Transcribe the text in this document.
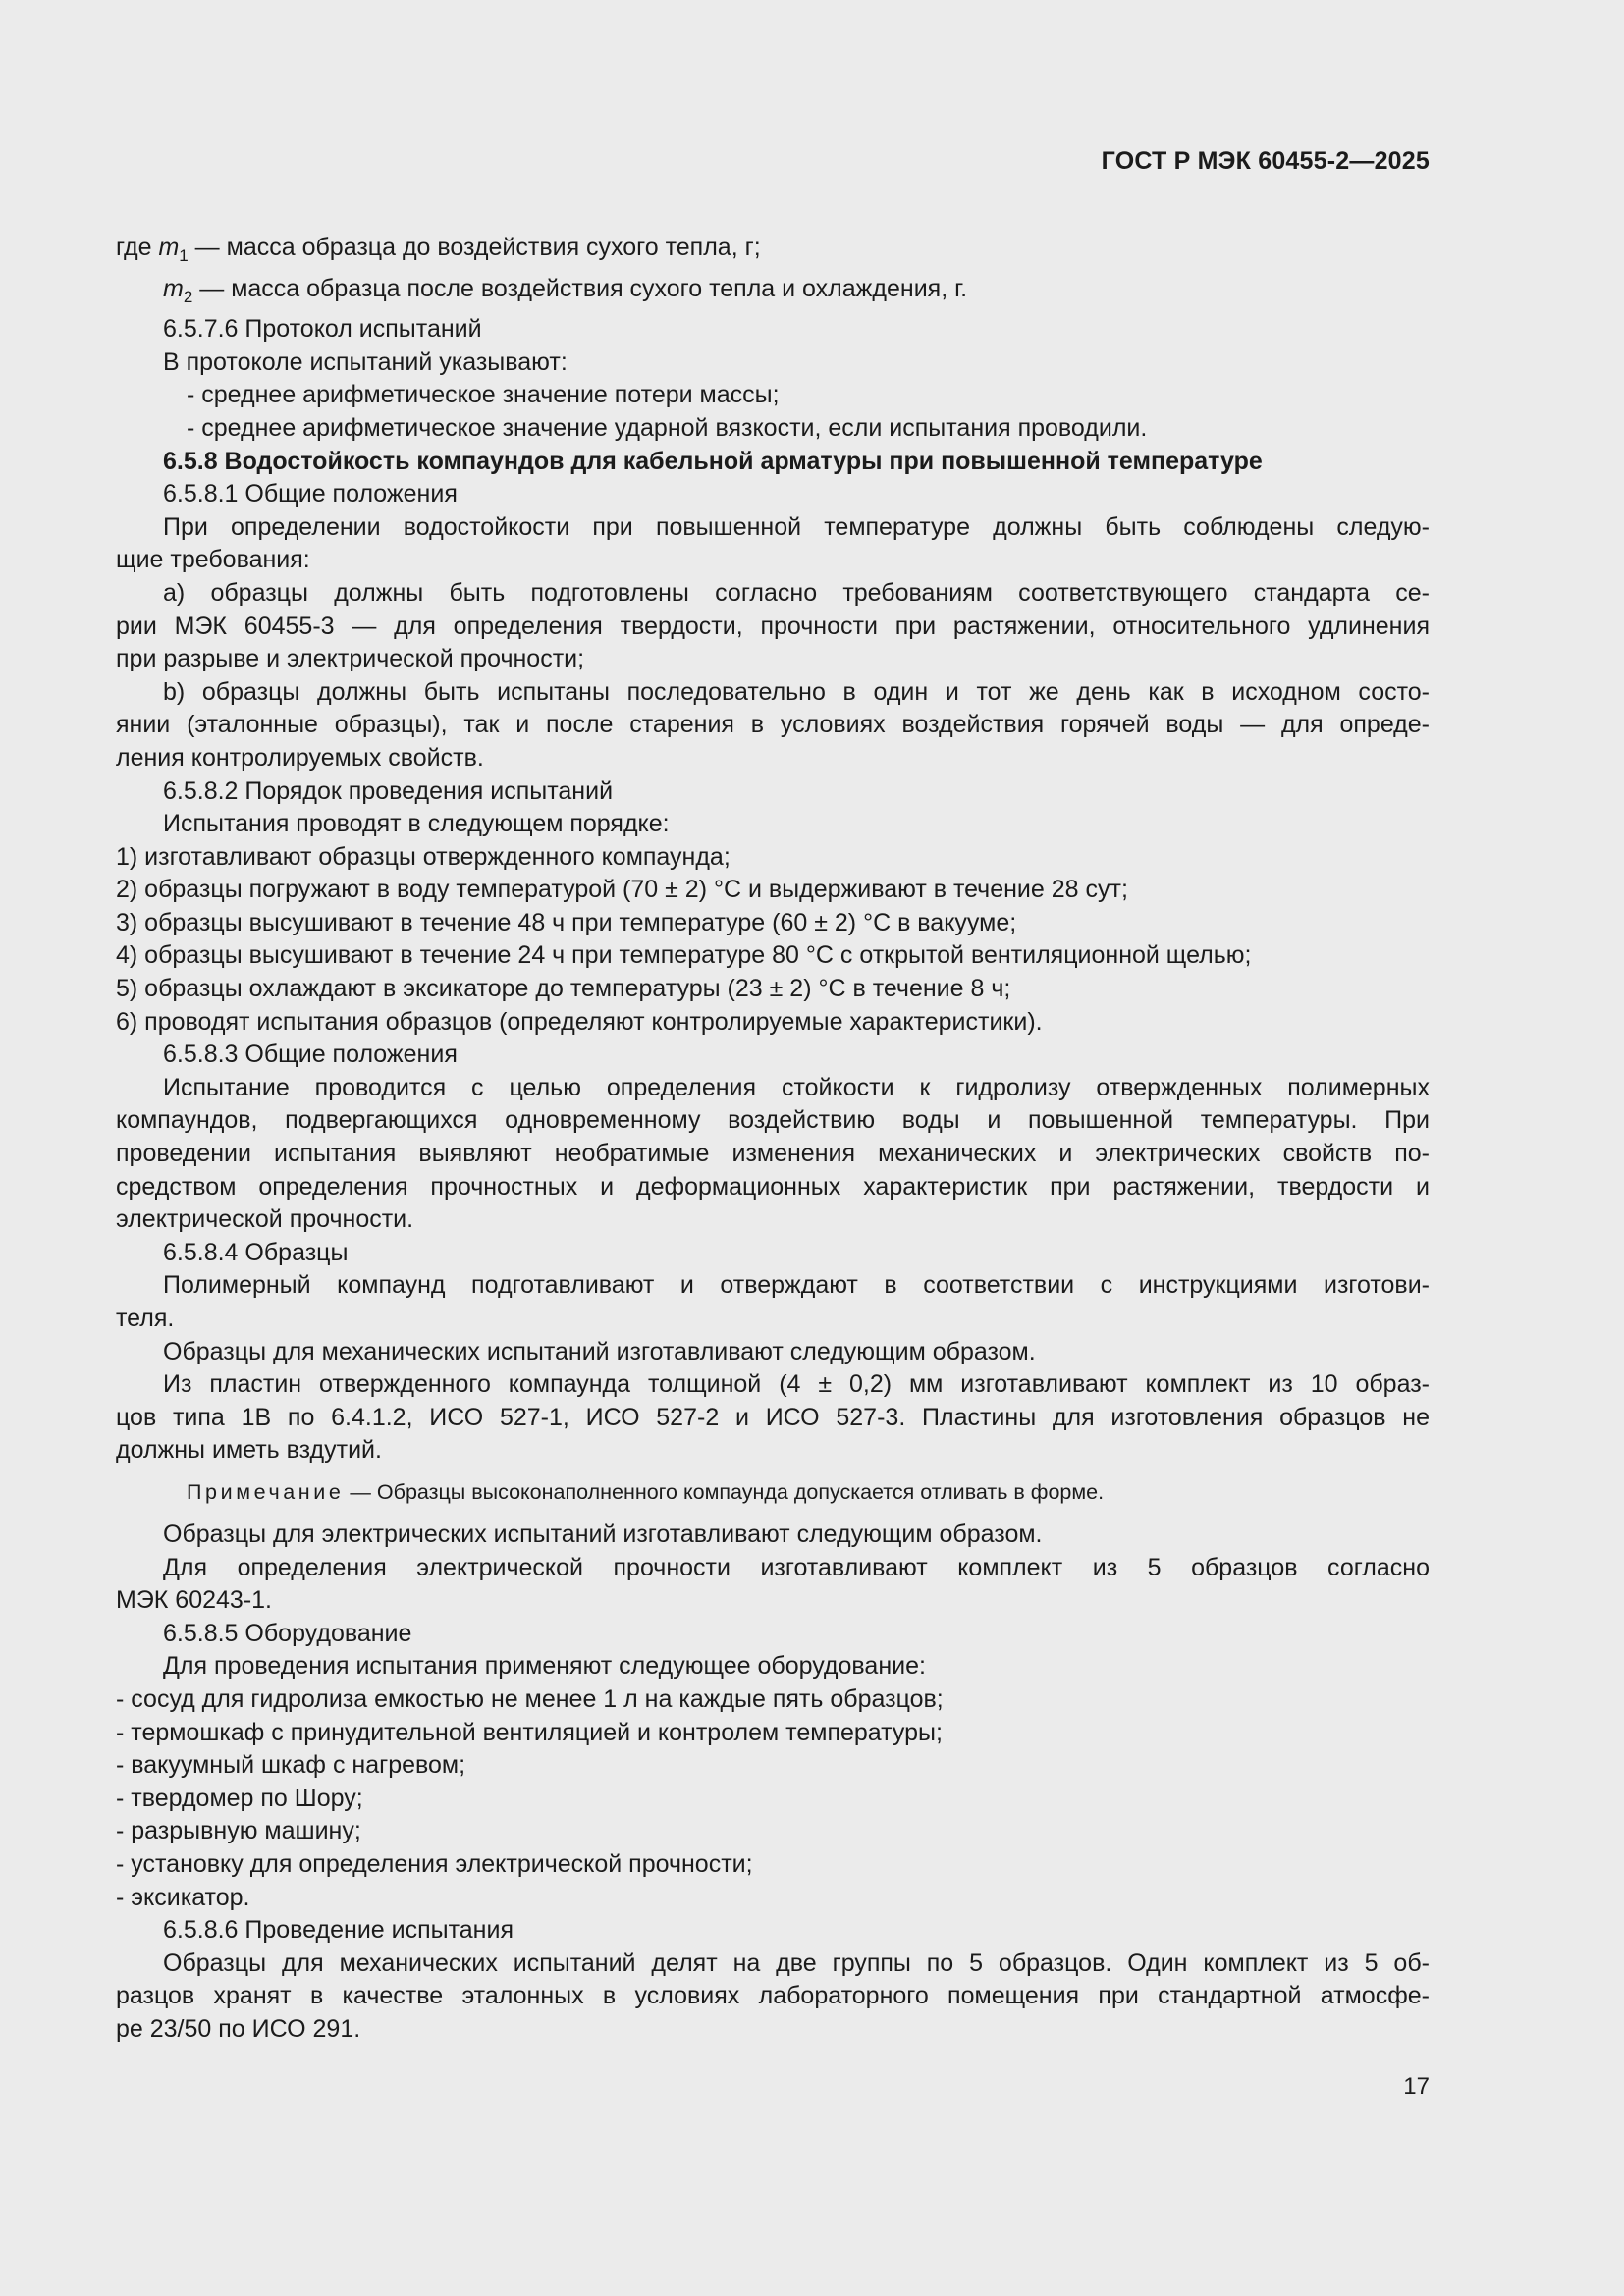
ГОСТ Р МЭК 60455-2—2025
где $m_1$ — масса образца до воздействия сухого тепла, г;
$m_2$ — масса образца после воздействия сухого тепла и охлаждения, г.
6.5.7.6 Протокол испытаний
В протоколе испытаний указывают:
- среднее арифметическое значение потери массы;
- среднее арифметическое значение ударной вязкости, если испытания проводили.
6.5.8 Водостойкость компаундов для кабельной арматуры при повышенной температуре
6.5.8.1 Общие положения
При определении водостойкости при повышенной температуре должны быть соблюдены следую-
щие требования:
а) образцы должны быть подготовлены согласно требованиям соответствующего стандарта се-
рии МЭК 60455-3 — для определения твердости, прочности при растяжении, относительного удлинения
при разрыве и электрической прочности;
b) образцы должны быть испытаны последовательно в один и тот же день как в исходном состо-
янии (эталонные образцы), так и после старения в условиях воздействия горячей воды — для опреде-
ления контролируемых свойств.
6.5.8.2 Порядок проведения испытаний
Испытания проводят в следующем порядке:
1) изготавливают образцы отвержденного компаунда;
2) образцы погружают в воду температурой (70 ± 2) °С и выдерживают в течение 28 сут;
3) образцы высушивают в течение 48 ч при температуре (60 ± 2) °С в вакууме;
4) образцы высушивают в течение 24 ч при температуре 80 °С с открытой вентиляционной щелью;
5) образцы охлаждают в эксикаторе до температуры (23 ± 2) °С в течение 8 ч;
6) проводят испытания образцов (определяют контролируемые характеристики).
6.5.8.3 Общие положения
Испытание проводится с целью определения стойкости к гидролизу отвержденных полимерных
компаундов, подвергающихся одновременному воздействию воды и повышенной температуры. При
проведении испытания выявляют необратимые изменения механических и электрических свойств по-
средством определения прочностных и деформационных характеристик при растяжении, твердости и
электрической прочности.
6.5.8.4 Образцы
Полимерный компаунд подготавливают и отверждают в соответствии с инструкциями изготови-
теля.
Образцы для механических испытаний изготавливают следующим образом.
Из пластин отвержденного компаунда толщиной (4 ± 0,2) мм изготавливают комплект из 10 образ-
цов типа 1В по 6.4.1.2, ИСО 527-1, ИСО 527-2 и ИСО 527-3. Пластины для изготовления образцов не
должны иметь вздутий.
Примечание — Образцы высоконаполненного компаунда допускается отливать в форме.
Образцы для электрических испытаний изготавливают следующим образом.
Для определения электрической прочности изготавливают комплект из 5 образцов согласно
МЭК 60243-1.
6.5.8.5 Оборудование
Для проведения испытания применяют следующее оборудование:
- сосуд для гидролиза емкостью не менее 1 л на каждые пять образцов;
- термошкаф с принудительной вентиляцией и контролем температуры;
- вакуумный шкаф с нагревом;
- твердомер по Шору;
- разрывную машину;
- установку для определения электрической прочности;
- эксикатор.
6.5.8.6 Проведение испытания
Образцы для механических испытаний делят на две группы по 5 образцов. Один комплект из 5 об-
разцов хранят в качестве эталонных в условиях лабораторного помещения при стандартной атмосфе-
ре 23/50 по ИСО 291.
17
